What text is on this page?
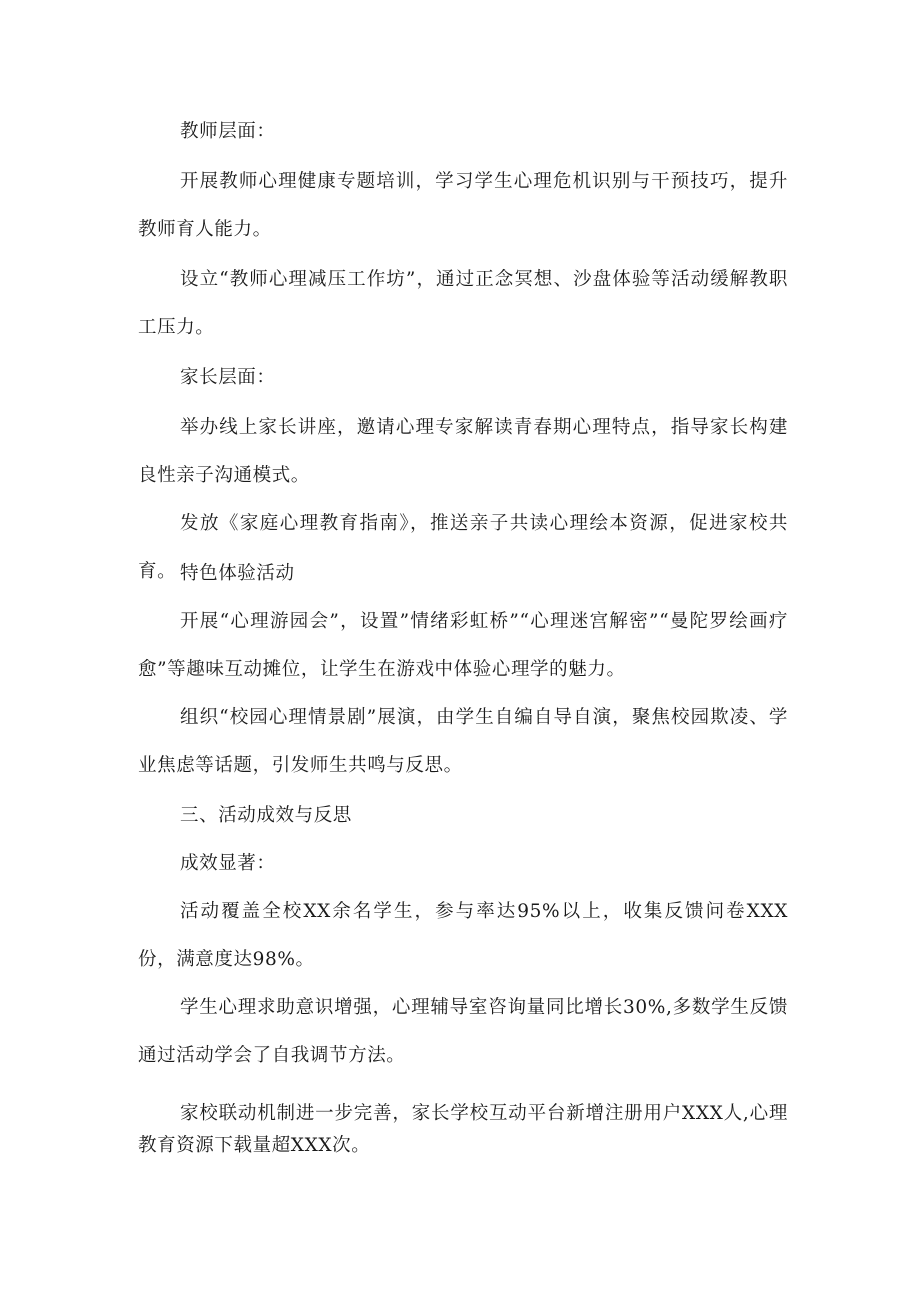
教师层面：

开展教师心理健康专题培训，学习学生心理危机识别与干预技巧，提升教师育人能力。

设立“教师心理减压工作坊”，通过正念冥想、沙盘体验等活动缓解教职工压力。

家长层面：

举办线上家长讲座，邀请心理专家解读青春期心理特点，指导家长构建良性亲子沟通模式。

发放《家庭心理教育指南》，推送亲子共读心理绘本资源，促进家校共育。 特色体验活动

开展“心理游园会”，设置”情绪彩虹桥”“心理迷宫解密”“曼陀罗绘画疗愈”等趣味互动摊位，让学生在游戏中体验心理学的魅力。

组织“校园心理情景剧”展演，由学生自编自导自演，聚焦校园欺凌、学业焦虑等话题，引发师生共鸣与反思。

三、活动成效与反思

成效显著：

活动覆盖全校XX余名学生，参与率达95%以上，收集反馈问卷XXX份，满意度达98%。

学生心理求助意识增强，心理辅导室咨询量同比增长30%,多数学生反馈通过活动学会了自我调节方法。

家校联动机制进一步完善，家长学校互动平台新增注册用户XXX人,心理教育资源下载量超XXX次。
